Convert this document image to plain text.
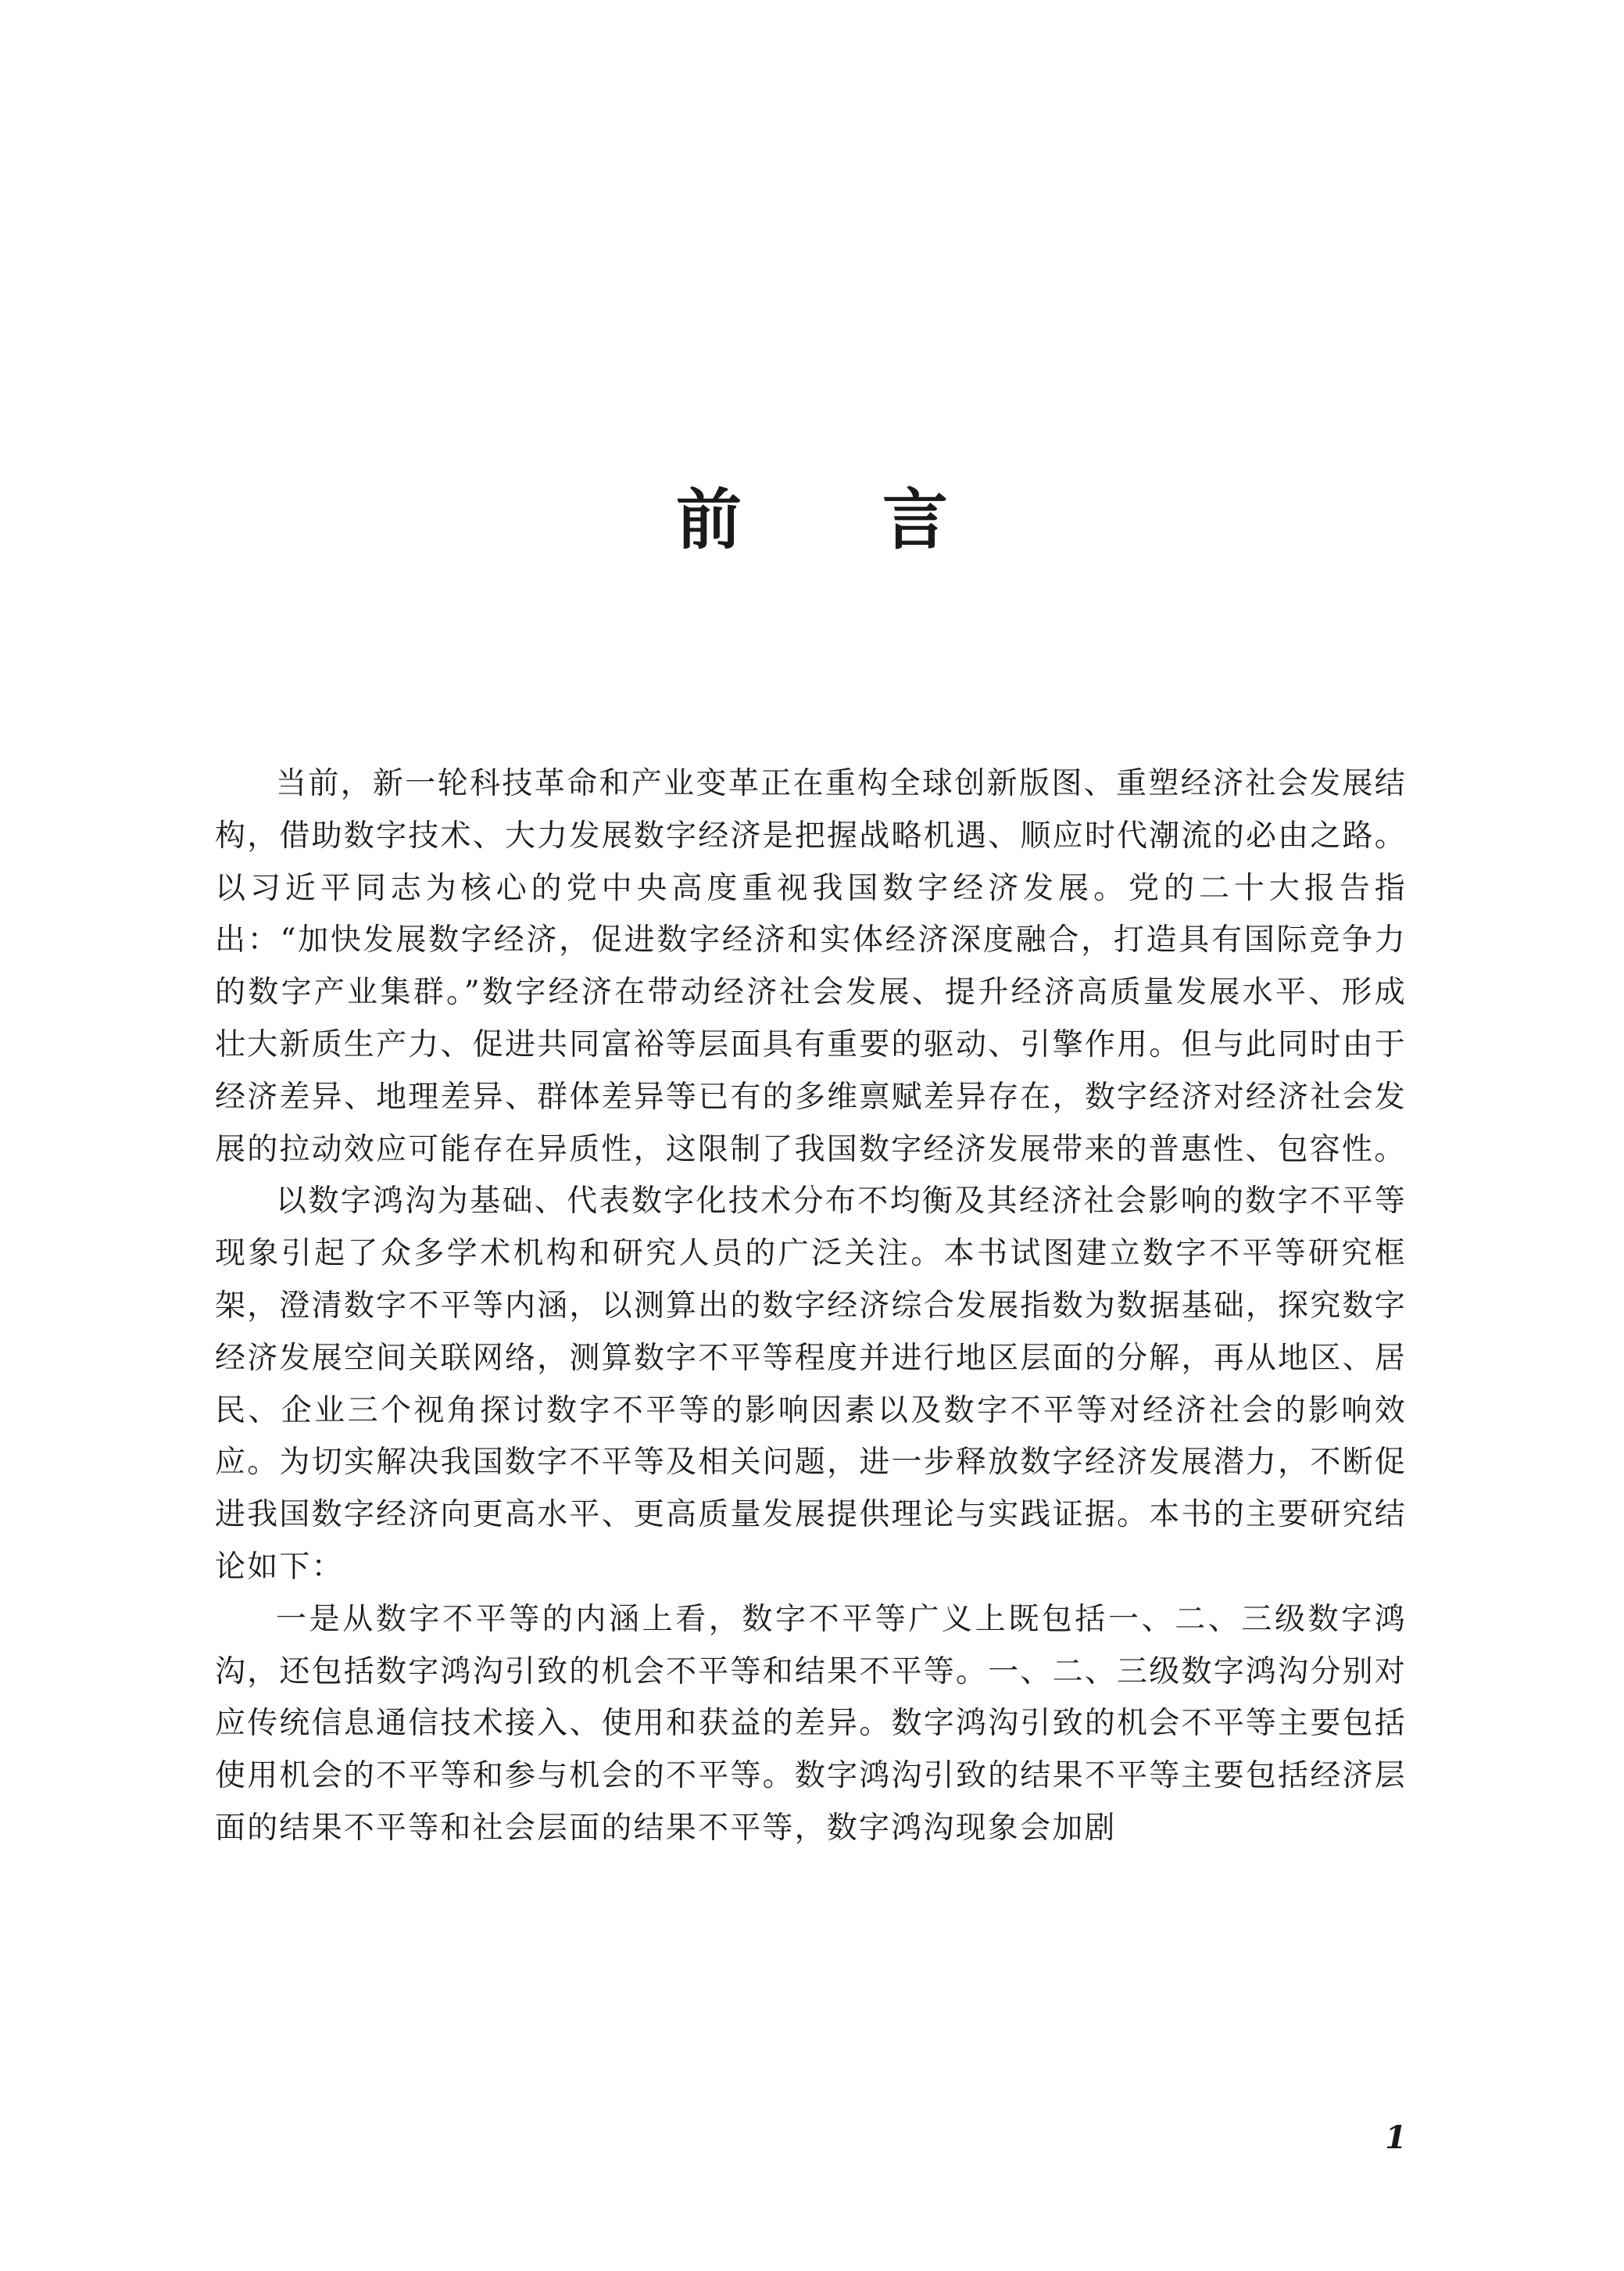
前言

当前，新一轮科技革命和产业变革正在重构全球创新版图、重塑经济社会发展结构，借助数字技术、大力发展数字经济是把握战略机遇、顺应时代潮流的必由之路。以习近平同志为核心的党中央高度重视我国数字经济发展。党的二十大报告指出：“加快发展数字经济，促进数字经济和实体经济深度融合，打造具有国际竞争力的数字产业集群。”数字经济在带动经济社会发展、提升经济高质量发展水平、形成壮大新质生产力、促进共同富裕等层面具有重要的驱动、引擎作用。但与此同时由于经济差异、地理差异、群体差异等已有的多维禀赋差异存在，数字经济对经济社会发展的拉动效应可能存在异质性，这限制了我国数字经济发展带来的普惠性、包容性。

以数字鸿沟为基础、代表数字化技术分布不均衡及其经济社会影响的数字不平等现象引起了众多学术机构和研究人员的广泛关注。本书试图建立数字不平等研究框架，澄清数字不平等内涵，以测算出的数字经济综合发展指数为数据基础，探究数字经济发展空间关联网络，测算数字不平等程度并进行地区层面的分解，再从地区、居民、企业三个视角探讨数字不平等的影响因素以及数字不平等对经济社会的影响效应。为切实解决我国数字不平等及相关问题，进一步释放数字经济发展潜力，不断促进我国数字经济向更高水平、更高质量发展提供理论与实践证据。本书的主要研究结论如下：

一是从数字不平等的内涵上看，数字不平等广义上既包括一、二、三级数字鸿沟，还包括数字鸿沟引致的机会不平等和结果不平等。一、二、三级数字鸿沟分别对应传统信息通信技术接入、使用和获益的差异。数字鸿沟引致的机会不平等主要包括使用机会的不平等和参与机会的不平等。数字鸿沟引致的结果不平等主要包括经济层面的结果不平等和社会层面的结果不平等，数字鸿沟现象会加剧

1
